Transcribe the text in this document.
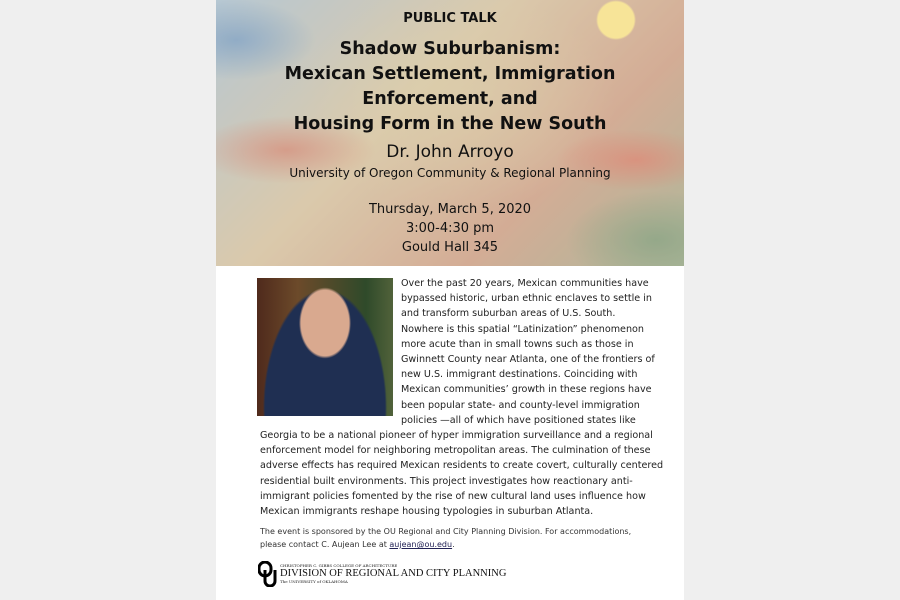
PUBLIC TALK
Shadow Suburbanism:
Mexican Settlement, Immigration
Enforcement, and
Housing Form in the New South
Dr. John Arroyo
University of Oregon Community & Regional Planning
Thursday, March 5, 2020
3:00-4:30 pm
Gould Hall 345
Over the past 20 years, Mexican communities have
bypassed historic, urban ethnic enclaves to settle in
and transform suburban areas of U.S. South.
Nowhere is this spatial “Latinization” phenomenon
more acute than in small towns such as those in
Gwinnett County near Atlanta, one of the frontiers of
new U.S. immigrant destinations. Coinciding with
Mexican communities’ growth in these regions have
been popular state- and county-level immigration
policies —all of which have positioned states like
Georgia to be a national pioneer of hyper immigration surveillance and a regional
enforcement model for neighboring metropolitan areas. The culmination of these
adverse effects has required Mexican residents to create covert, culturally centered
residential built environments. This project investigates how reactionary anti-
immigrant policies fomented by the rise of new cultural land uses influence how
Mexican immigrants reshape housing typologies in suburban Atlanta.
The event is sponsored by the OU Regional and City Planning Division. For accommodations,
please contact C. Aujean Lee at aujean@ou.edu.
CHRISTOPHER C. GIBBS COLLEGE OF ARCHITECTURE
DIVISION OF REGIONAL AND CITY PLANNING
The UNIVERSITY of OKLAHOMA
